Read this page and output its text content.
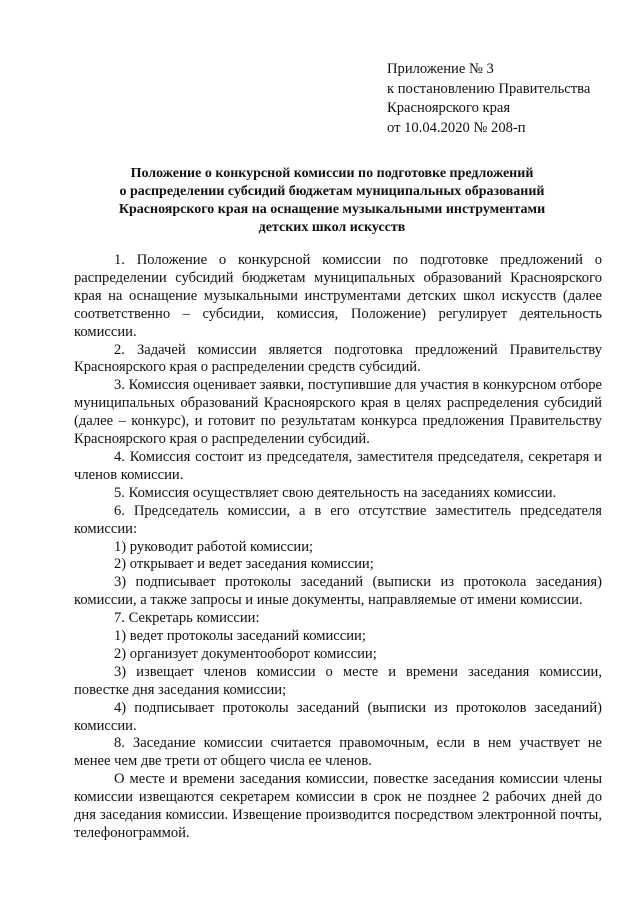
Приложение № 3
к постановлению Правительства
Красноярского края
от 10.04.2020 № 208-п
Положение о конкурсной комиссии по подготовке предложений
о распределении субсидий бюджетам муниципальных образований
Красноярского края на оснащение музыкальными инструментами
детских школ искусств

1. Положение о конкурсной комиссии по подготовке предложений о распределении субсидий бюджетам муниципальных образований Красноярского края на оснащение музыкальными инструментами детских школ искусств (далее соответственно – субсидии, комиссия, Положение) регулирует деятельность комиссии.

2. Задачей комиссии является подготовка предложений Правительству Красноярского края о распределении средств субсидий.

3. Комиссия оценивает заявки, поступившие для участия в конкурсном отборе муниципальных образований Красноярского края в целях распределения субсидий (далее – конкурс), и готовит по результатам конкурса предложения Правительству Красноярского края о распределении субсидий.

4. Комиссия состоит из председателя, заместителя председателя, секретаря и членов комиссии.

5. Комиссия осуществляет свою деятельность на заседаниях комиссии.

6. Председатель комиссии, а в его отсутствие заместитель председателя комиссии:

1) руководит работой комиссии;

2) открывает и ведет заседания комиссии;

3) подписывает протоколы заседаний (выписки из протокола заседания) комиссии, а также запросы и иные документы, направляемые от имени комиссии.

7. Секретарь комиссии:

1) ведет протоколы заседаний комиссии;

2) организует документооборот комиссии;

3) извещает членов комиссии о месте и времени заседания комиссии, повестке дня заседания комиссии;

4) подписывает протоколы заседаний (выписки из протоколов заседаний) комиссии.

8. Заседание комиссии считается правомочным, если в нем участвует не менее чем две трети от общего числа ее членов.

О месте и времени заседания комиссии, повестке заседания комиссии члены комиссии извещаются секретарем комиссии в срок не позднее 2 рабочих дней до дня заседания комиссии. Извещение производится посредством электронной почты, телефонограммой.
